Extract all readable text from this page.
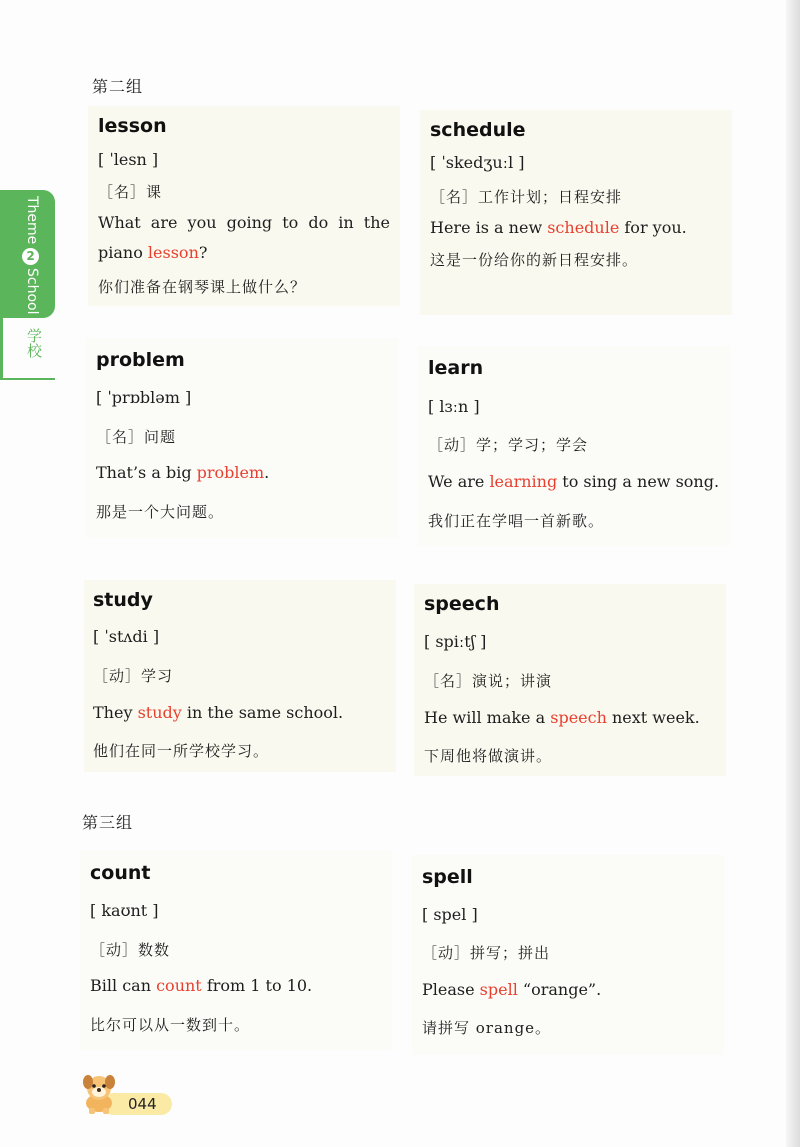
Theme
2
School
学校
第二组
lesson
[ ˈlesn ]
［名］课
What are you going to do in the
piano lesson?
你们准备在钢琴课上做什么？
schedule
[ ˈskedʒuːl ]
［名］工作计划；日程安排
Here is a new schedule for you.
这是一份给你的新日程安排。
problem
[ ˈprɒbləm ]
［名］问题
That’s a big problem.
那是一个大问题。
learn
[ lɜːn ]
［动］学；学习；学会
We are learning to sing a new song.
我们正在学唱一首新歌。
study
[ ˈstʌdi ]
［动］学习
They study in the same school.
他们在同一所学校学习。
speech
[ spiːtʃ ]
［名］演说；讲演
He will make a speech next week.
下周他将做演讲。
第三组
count
[ kaʊnt ]
［动］数数
Bill can count from 1 to 10.
比尔可以从一数到十。
spell
[ spel ]
［动］拼写；拼出
Please spell “orange”.
请拼写 orange。
044
